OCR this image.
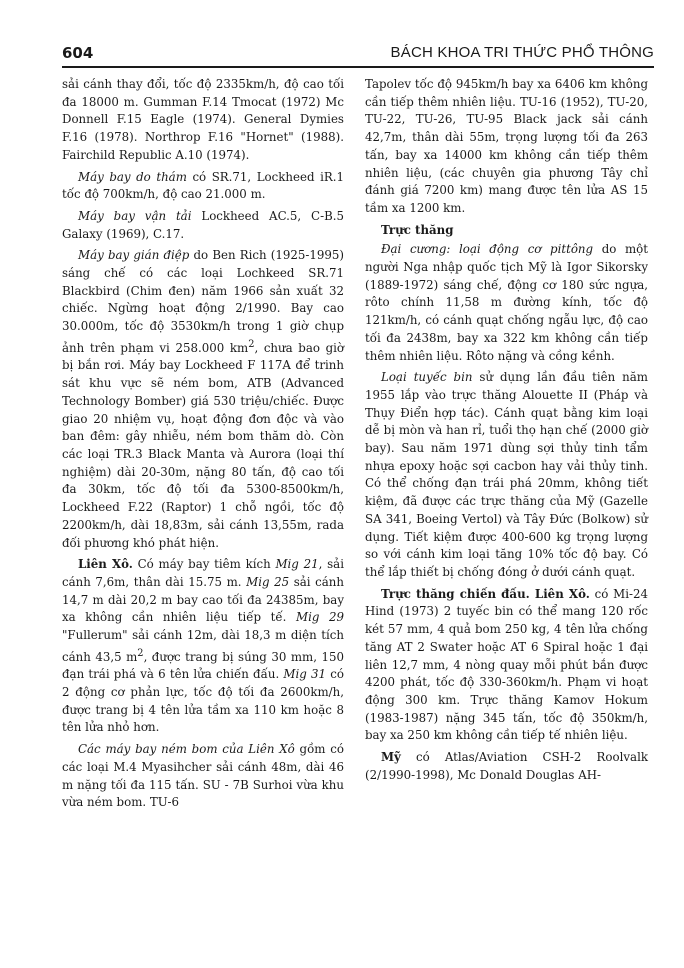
604	BÁCH KHOA TRI THỨC PHỔ THÔNG

sải cánh thay đổi, tốc độ 2335km/h, độ cao tối đa 18000 m. Gumman F.14 Tmocat (1972) Mc Donnell F.15 Eagle (1974). General Dymies F.16 (1978). Northrop F.16 "Hornet" (1988). Fairchild Republic A.10 (1974).

Máy bay do thám có SR.71, Lockheed iR.1 tốc độ 700km/h, độ cao 21.000 m.

Máy bay vận tải Lockheed AC.5, C-B.5 Galaxy (1969), C.17.

Máy bay gián điệp do Ben Rich (1925-1995) sáng chế có các loại Lochkeed SR.71 Blackbird (Chim đen) năm 1966 sản xuất 32 chiếc. Ngừng hoạt động 2/1990. Bay cao 30.000m, tốc độ 3530km/h trong 1 giờ chụp ảnh trên phạm vi 258.000 $km^2$, chưa bao giờ bị bắn rơi. Máy bay Lockheed F 117A để trinh sát khu vực sẽ ném bom, ATB (Advanced Technology Bomber) giá 530 triệu/chiếc. Được giao 20 nhiệm vụ, hoạt động đơn độc và vào ban đêm: gây nhiễu, ném bom thăm dò. Còn các loại TR.3 Black Manta và Aurora (loại thí nghiệm) dài 20-30m, nặng 80 tấn, độ cao tối đa 30km, tốc độ tối đa 5300-8500km/h, Lockheed F.22 (Raptor) 1 chỗ ngồi, tốc độ 2200km/h, dài 18,83m, sải cánh 13,55m, rada đối phương khó phát hiện.

Liên Xô. Có máy bay tiêm kích Mig 21, sải cánh 7,6m, thân dài 15.75 m. Mig 25 sải cánh 14,7 m dài 20,2 m bay cao tối đa 24385m, bay xa không cần nhiên liệu tiếp tế. Mig 29 "Fullerum" sải cánh 12m, dài 18,3 m diện tích cánh 43,5 $m^2$, được trang bị súng 30 mm, 150 đạn trái phá và 6 tên lửa chiến đấu. Mig 31 có 2 động cơ phản lực, tốc độ tối đa 2600km/h, được trang bị 4 tên lửa tầm xa 110 km hoặc 8 tên lửa nhỏ hơn.

Các máy bay ném bom của Liên Xô gồm có các loại M.4 Myasihcher sải cánh 48m, dài 46 m nặng tối đa 115 tấn. SU - 7B Surhoi vừa khu vừa ném bom. TU-6

Tapolev tốc độ 945km/h bay xa 6406 km không cần tiếp thêm nhiên liệu. TU-16 (1952), TU-20, TU-22, TU-26, TU-95 Black jack sải cánh 42,7m, thân dài 55m, trọng lượng tối đa 263 tấn, bay xa 14000 km không cần tiếp thêm nhiên liệu, (các chuyên gia phương Tây chỉ đánh giá 7200 km) mang được tên lửa AS 15 tầm xa 1200 km.

Trực thăng

Đại cương: loại động cơ pittông do một người Nga nhập quốc tịch Mỹ là Igor Sikorsky (1889-1972) sáng chế, động cơ 180 sức ngựa, rôto chính 11,58 m đường kính, tốc độ 121km/h, có cánh quạt chống ngẫu lực, độ cao tối đa 2438m, bay xa 322 km không cần tiếp thêm nhiên liệu. Rôto nặng và cồng kềnh.

Loại tuyếc bin sử dụng lần đầu tiên năm 1955 lắp vào trực thăng Alouette II (Pháp và Thụy Điển hợp tác). Cánh quạt bằng kim loại dễ bị mòn và han rỉ, tuổi thọ hạn chế (2000 giờ bay). Sau năm 1971 dùng sợi thủy tinh tẩm nhựa epoxy hoặc sợi cacbon hay vải thủy tinh. Có thể chống đạn trái phá 20mm, không tiết kiệm, đã được các trực thăng của Mỹ (Gazelle SA 341, Boeing Vertol) và Tây Đức (Bolkow) sử dụng. Tiết kiệm được 400-600 kg trọng lượng so với cánh kim loại tăng 10% tốc độ bay. Có thể lắp thiết bị chống đóng ở dưới cánh quạt.

Trực thăng chiến đấu. Liên Xô. có Mi-24 Hind (1973) 2 tuyếc bin có thể mang 120 rốc két 57 mm, 4 quả bom 250 kg, 4 tên lửa chống tăng AT 2 Swater hoặc AT 6 Spiral hoặc 1 đại liên 12,7 mm, 4 nòng quay mỗi phút bắn được 4200 phát, tốc độ 330-360km/h. Phạm vi hoạt động 300 km. Trực thăng Kamov Hokum (1983-1987) nặng 345 tấn, tốc độ 350km/h, bay xa 250 km không cần tiếp tế nhiên liệu.

Mỹ có Atlas/Aviation CSH-2 Roolvalk (2/1990-1998), Mc Donald Douglas AH-
